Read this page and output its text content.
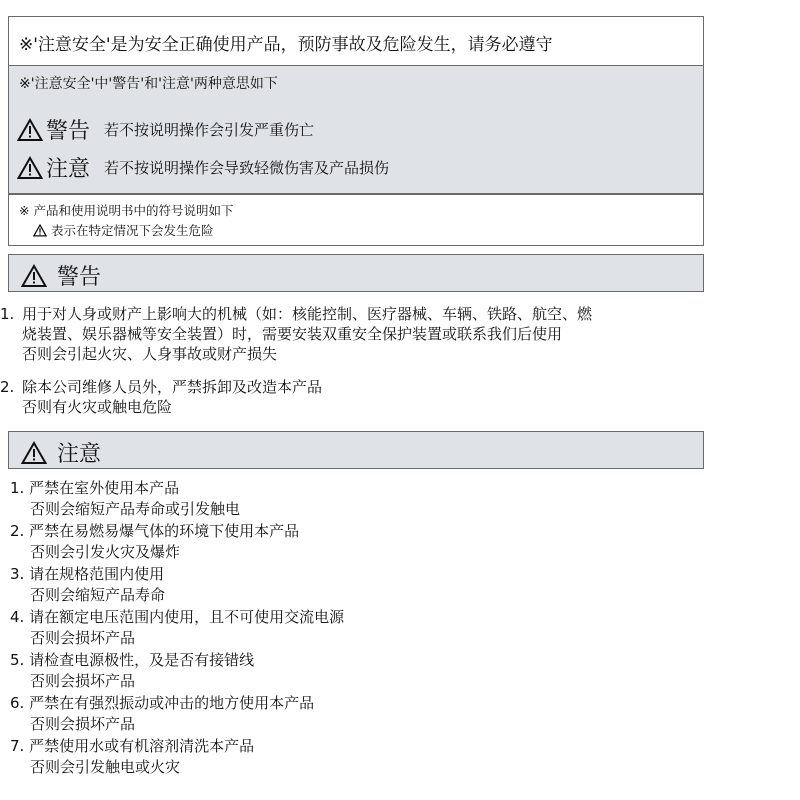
※'注意安全'是为安全正确使用产品，预防事故及危险发生，请务必遵守
※'注意安全'中'警告'和'注意'两种意思如下
警告 若不按说明操作会引发严重伤亡
注意 若不按说明操作会导致轻微伤害及产品损伤
※ 产品和使用说明书中的符号说明如下
表示在特定情况下会发生危险
警告
1. 用于对人身或财产上影响大的机械（如：核能控制、医疗器械、车辆、铁路、航空、燃
烧装置、娱乐器械等安全装置）时，需要安装双重安全保护装置或联系我们后使用
否则会引起火灾、人身事故或财产损失
2. 除本公司维修人员外，严禁拆卸及改造本产品
否则有火灾或触电危险
注意
1. 严禁在室外使用本产品
否则会缩短产品寿命或引发触电
2. 严禁在易燃易爆气体的环境下使用本产品
否则会引发火灾及爆炸
3. 请在规格范围内使用
否则会缩短产品寿命
4. 请在额定电压范围内使用，且不可使用交流电源
否则会损坏产品
5. 请检查电源极性，及是否有接错线
否则会损坏产品
6. 严禁在有强烈振动或冲击的地方使用本产品
否则会损坏产品
7. 严禁使用水或有机溶剂清洗本产品
否则会引发触电或火灾
